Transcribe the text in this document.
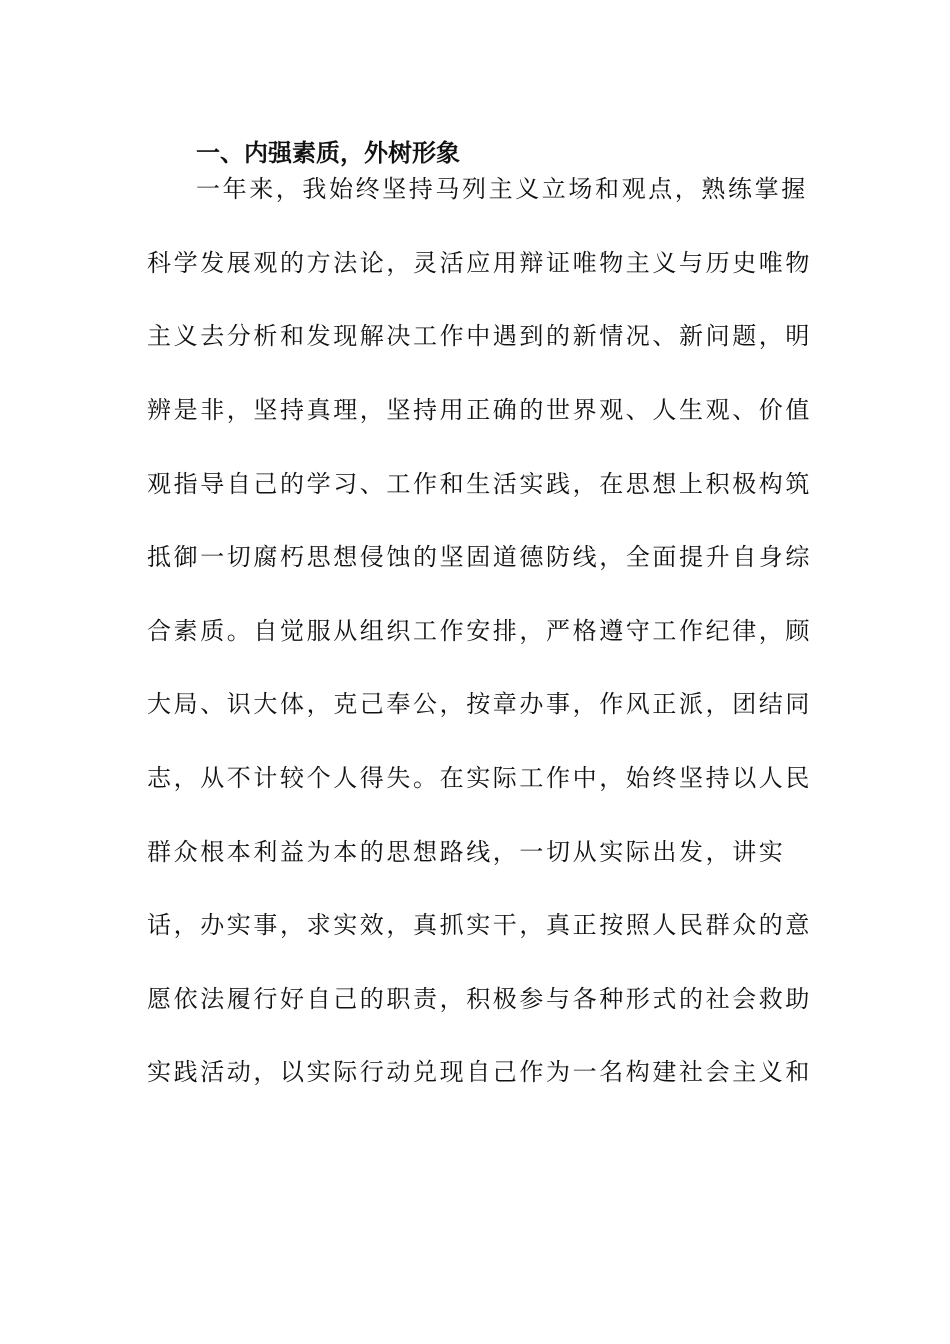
一、内强素质，外树形象
一年来，我始终坚持马列主义立场和观点，熟练掌握
科学发展观的方法论，灵活应用辩证唯物主义与历史唯物
主义去分析和发现解决工作中遇到的新情况、新问题，明
辨是非，坚持真理，坚持用正确的世界观、人生观、价值
观指导自己的学习、工作和生活实践，在思想上积极构筑
抵御一切腐朽思想侵蚀的坚固道德防线，全面提升自身综
合素质。自觉服从组织工作安排，严格遵守工作纪律，顾
大局、识大体，克己奉公，按章办事，作风正派，团结同
志，从不计较个人得失。在实际工作中，始终坚持以人民
群众根本利益为本的思想路线，一切从实际出发，讲实
话，办实事，求实效，真抓实干，真正按照人民群众的意
愿依法履行好自己的职责，积极参与各种形式的社会救助
实践活动，以实际行动兑现自己作为一名构建社会主义和
